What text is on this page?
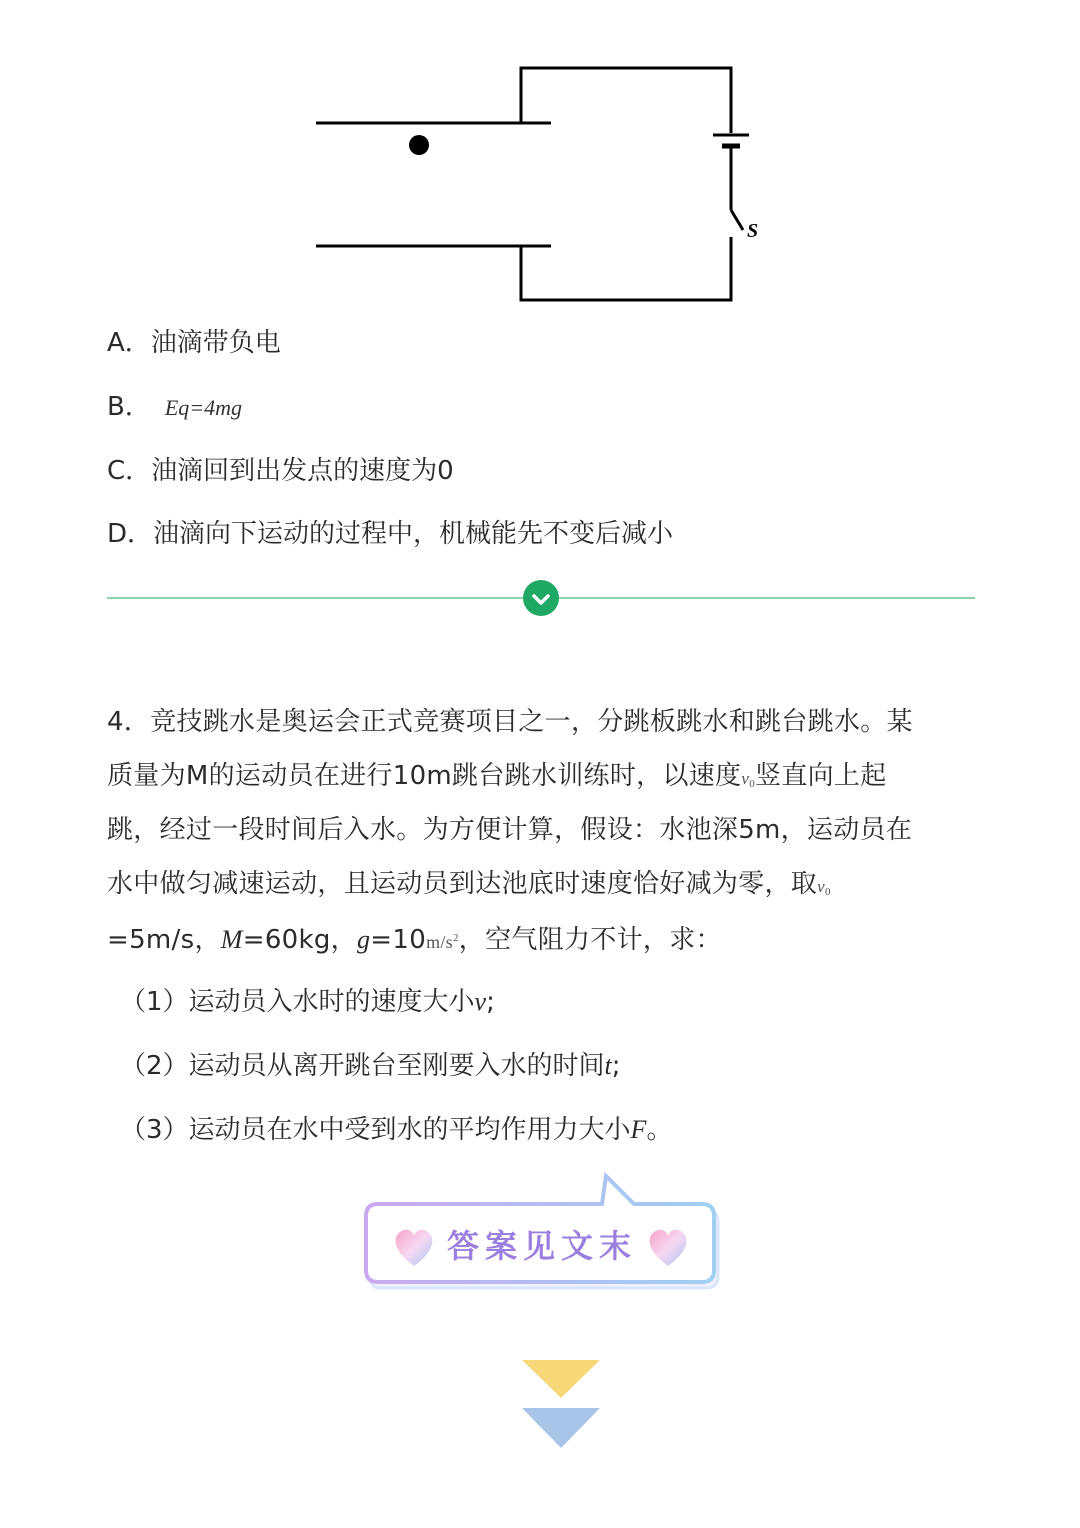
S
A．油滴带负电
B． Eq=4mg
C．油滴回到出发点的速度为0
D．油滴向下运动的过程中，机械能先不变后减小
4．竞技跳水是奥运会正式竞赛项目之一，分跳板跳水和跳台跳水。某
质量为M的运动员在进行10m跳台跳水训练时，以速度v0竖直向上起
跳，经过一段时间后入水。为方便计算，假设：水池深5m，运动员在
水中做匀减速运动，且运动员到达池底时速度恰好减为零，取v0
=5m/s，M=60kg，$g=10m/s^2$，空气阻力不计，求：
（1）运动员入水时的速度大小v;
（2）运动员从离开跳台至刚要入水的时间t;
（3）运动员在水中受到水的平均作用力大小F。
答案见文末
